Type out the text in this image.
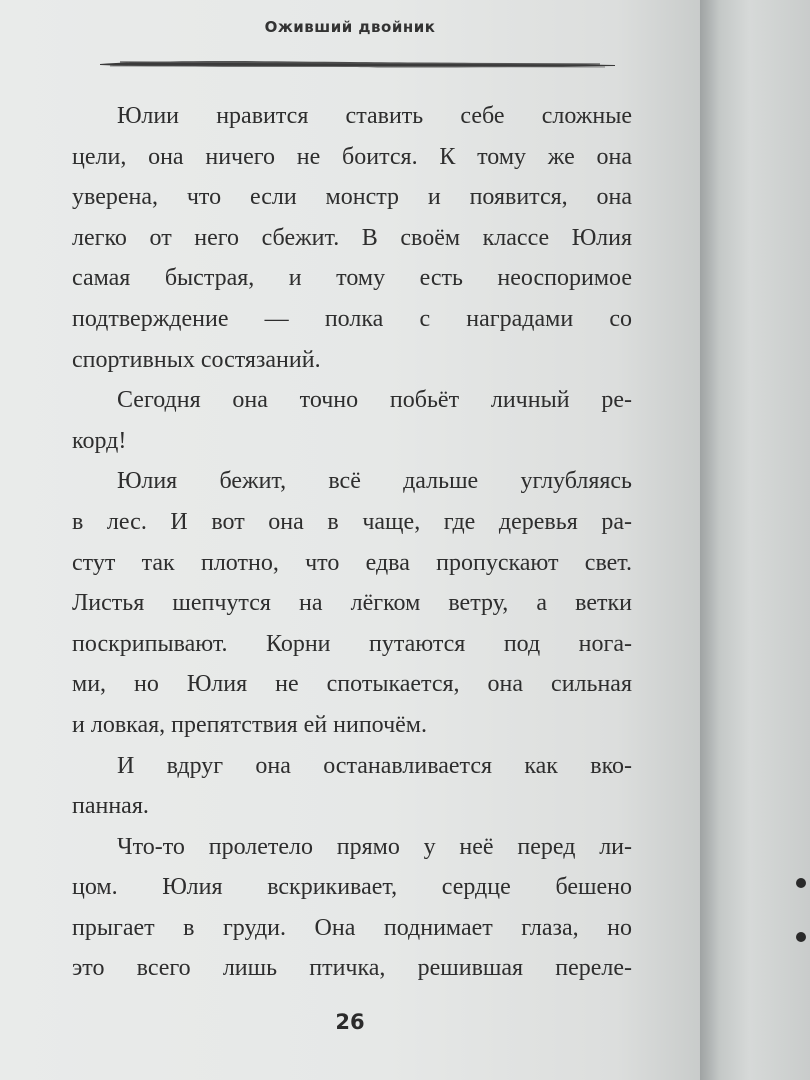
Оживший двойник
Юлии нравится ставить себе сложные
цели, она ничего не боится. К тому же она
уверена, что если монстр и появится, она
легко от него сбежит. В своём классе Юлия
самая быстрая, и тому есть неоспоримое
подтверждение — полка с наградами со
спортивных состязаний.
Сегодня она точно побьёт личный ре-
корд!
Юлия бежит, всё дальше углубляясь
в лес. И вот она в чаще, где деревья ра-
стут так плотно, что едва пропускают свет.
Листья шепчутся на лёгком ветру, а ветки
поскрипывают. Корни путаются под нога-
ми, но Юлия не спотыкается, она сильная
и ловкая, препятствия ей нипочём.
И вдруг она останавливается как вко-
панная.
Что-то пролетело прямо у неё перед ли-
цом. Юлия вскрикивает, сердце бешено
прыгает в груди. Она поднимает глаза, но
это всего лишь птичка, решившая переле-
26
